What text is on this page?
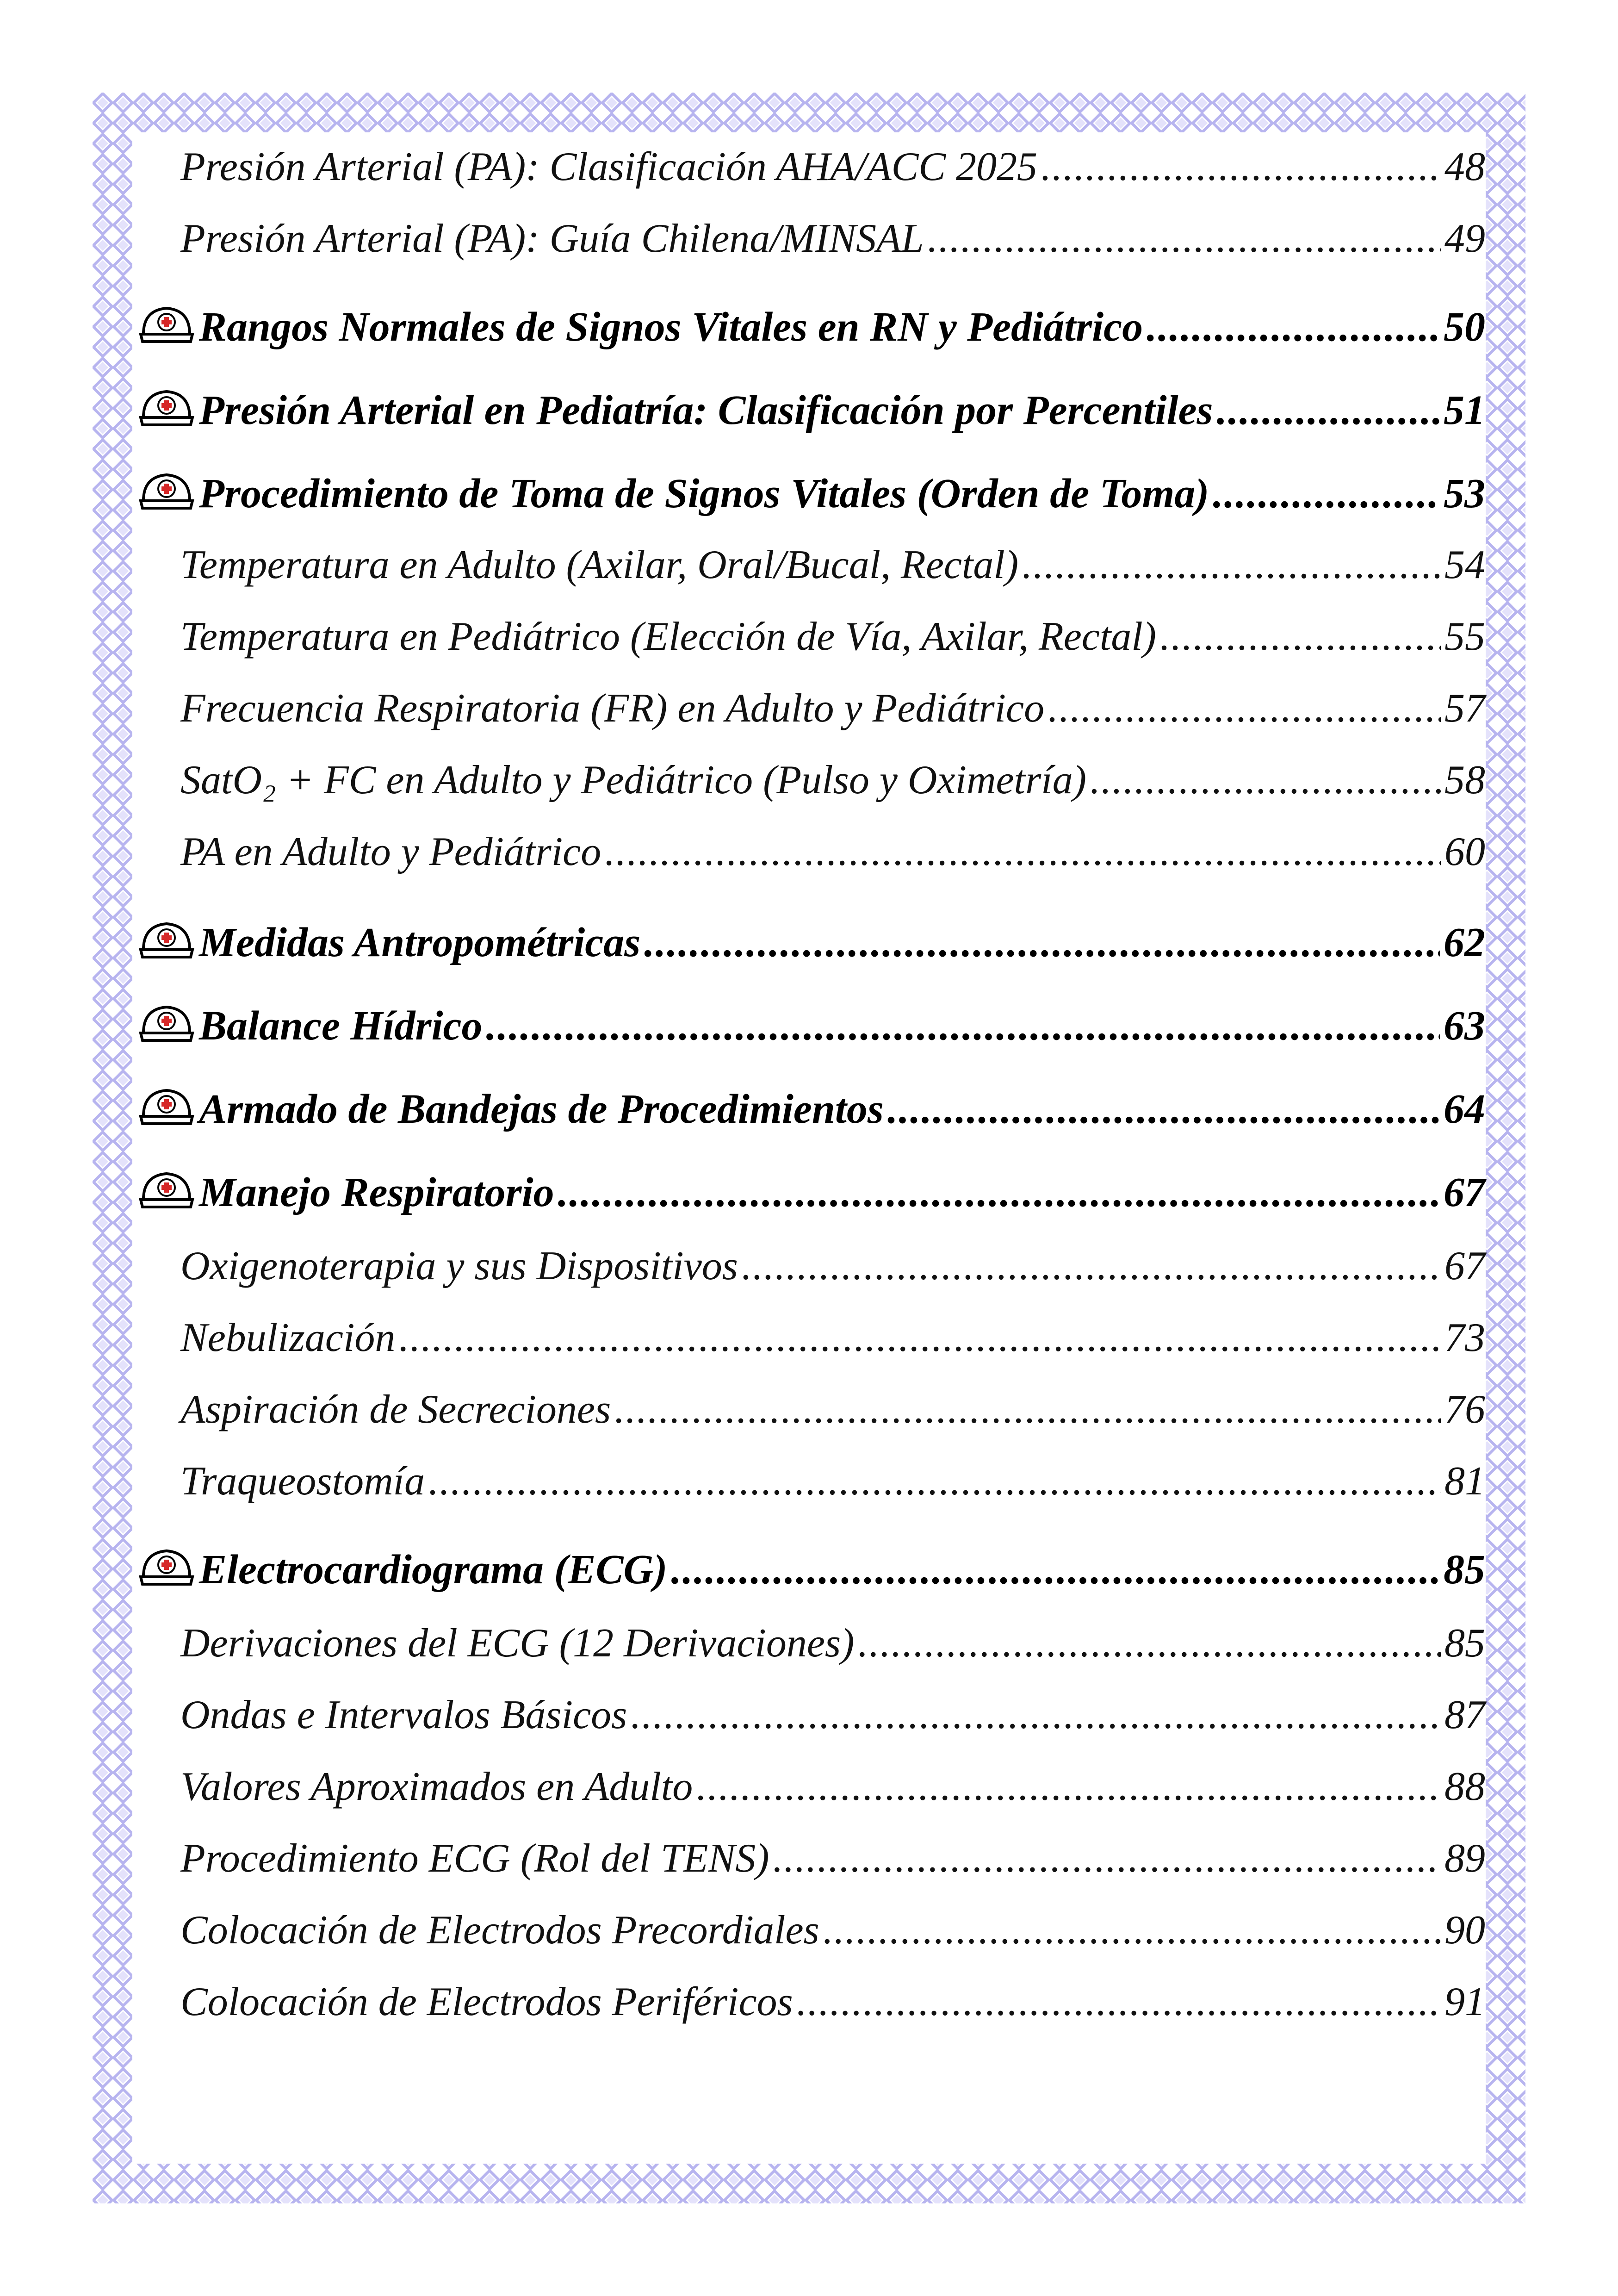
Presión Arterial (PA): Clasificación AHA/ACC 2025 .....	48
Presión Arterial (PA): Guía Chilena/MINSAL .....	49
Rangos Normales de Signos Vitales en RN y Pediátrico .....	50
Presión Arterial en Pediatría: Clasificación por Percentiles .....	51
Procedimiento de Toma de Signos Vitales (Orden de Toma) .....	53
Temperatura en Adulto (Axilar, Oral/Bucal, Rectal) .....	54
Temperatura en Pediátrico (Elección de Vía, Axilar, Rectal) .....	55
Frecuencia Respiratoria (FR) en Adulto y Pediátrico .....	57
SatO₂ + FC en Adulto y Pediátrico (Pulso y Oximetría) .....	58
PA en Adulto y Pediátrico .....	60
Medidas Antropométricas .....	62
Balance Hídrico .....	63
Armado de Bandejas de Procedimientos .....	64
Manejo Respiratorio .....	67
Oxigenoterapia y sus Dispositivos .....	67
Nebulización .....	73
Aspiración de Secreciones .....	76
Traqueostomía .....	81
Electrocardiograma (ECG) .....	85
Derivaciones del ECG (12 Derivaciones) .....	85
Ondas e Intervalos Básicos .....	87
Valores Aproximados en Adulto .....	88
Procedimiento ECG (Rol del TENS) .....	89
Colocación de Electrodos Precordiales .....	90
Colocación de Electrodos Periféricos .....	91
